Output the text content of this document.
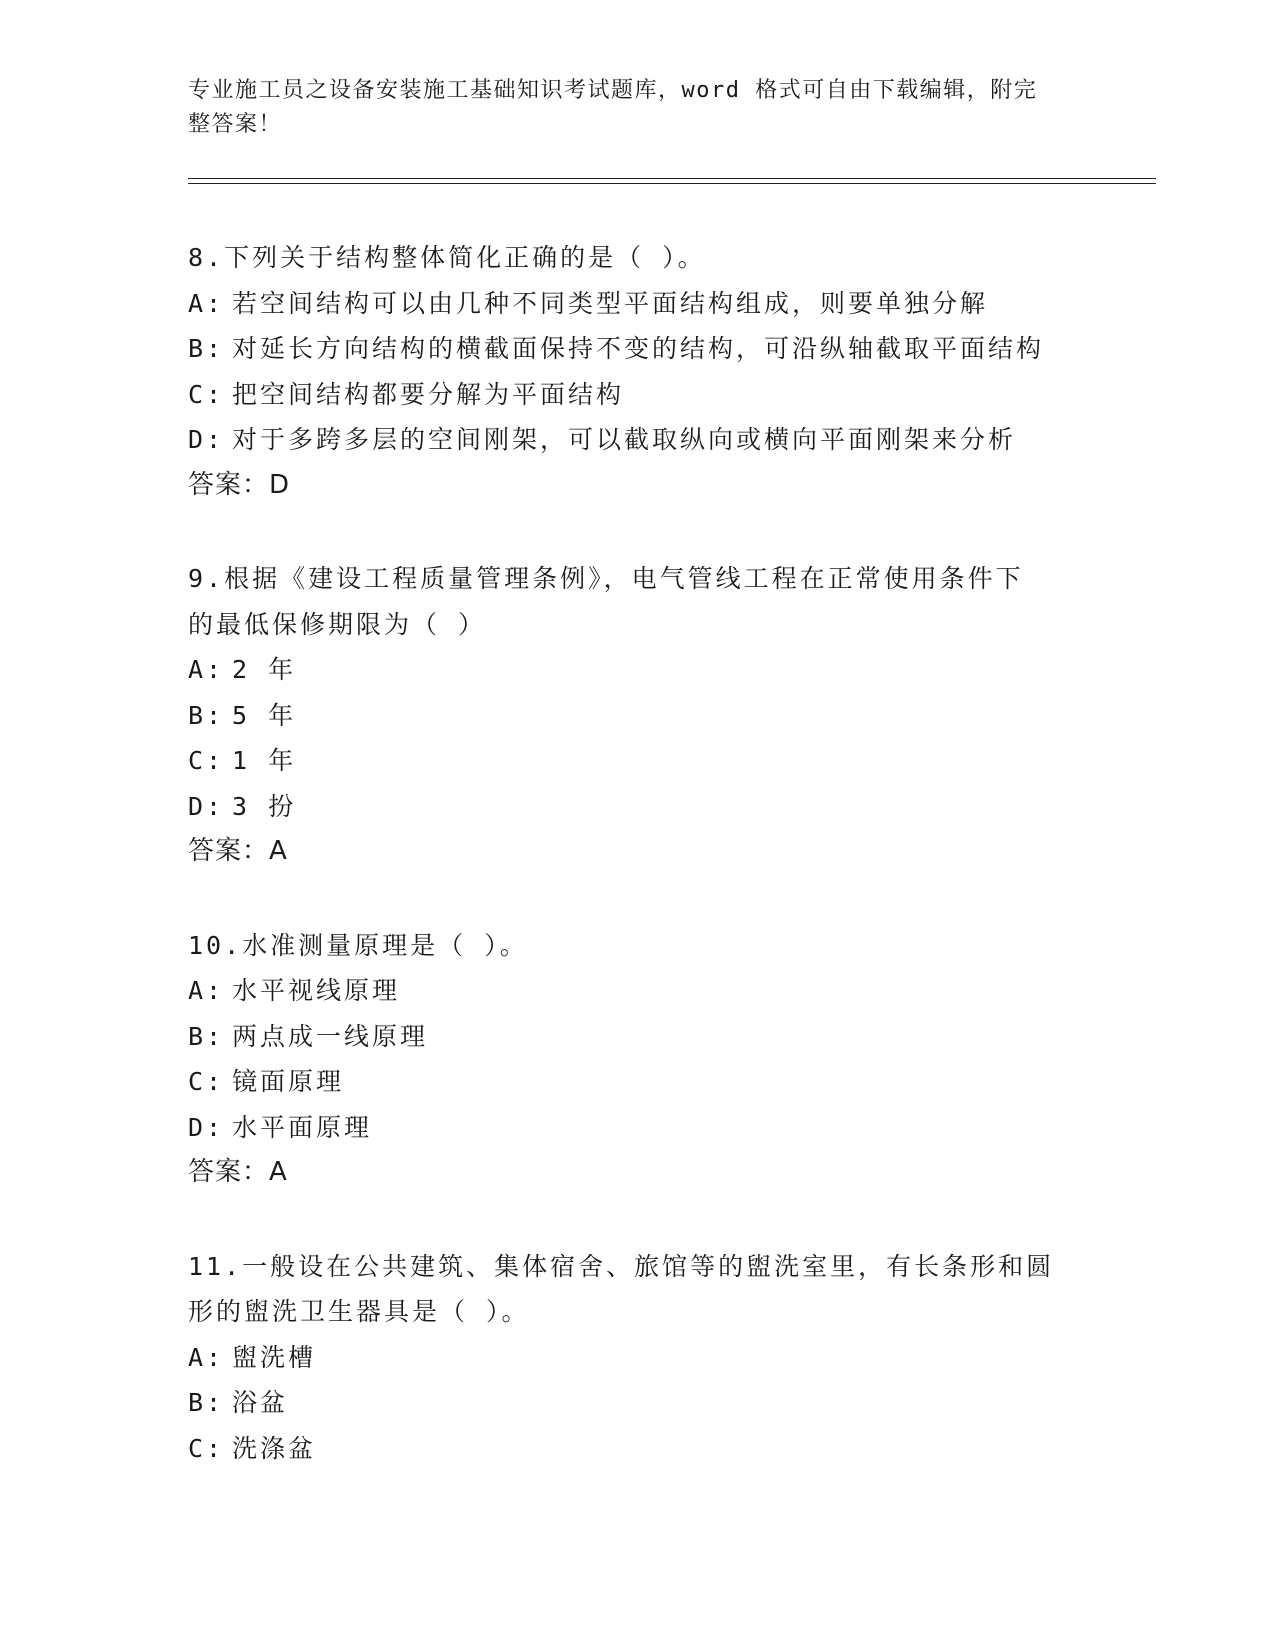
专业施工员之设备安装施工基础知识考试题库，word 格式可自由下载编辑，附完
整答案！
8.下列关于结构整体简化正确的是（ ）。
A: 若空间结构可以由几种不同类型平面结构组成，则要单独分解
B: 对延长方向结构的横截面保持不变的结构，可沿纵轴截取平面结构
C: 把空间结构都要分解为平面结构
D: 对于多跨多层的空间刚架，可以截取纵向或横向平面刚架来分析
答案：D
9.根据《建设工程质量管理条例》，电气管线工程在正常使用条件下
的最低保修期限为（ ）
A: 2 年
B: 5 年
C: 1 年
D: 3 扮
答案：A
10.水准测量原理是（ ）。
A: 水平视线原理
B: 两点成一线原理
C: 镜面原理
D: 水平面原理
答案：A
11.一般设在公共建筑、集体宿舍、旅馆等的盥洗室里，有长条形和圆
形的盥洗卫生器具是（ ）。
A: 盥洗槽
B: 浴盆
C: 洗涤盆
